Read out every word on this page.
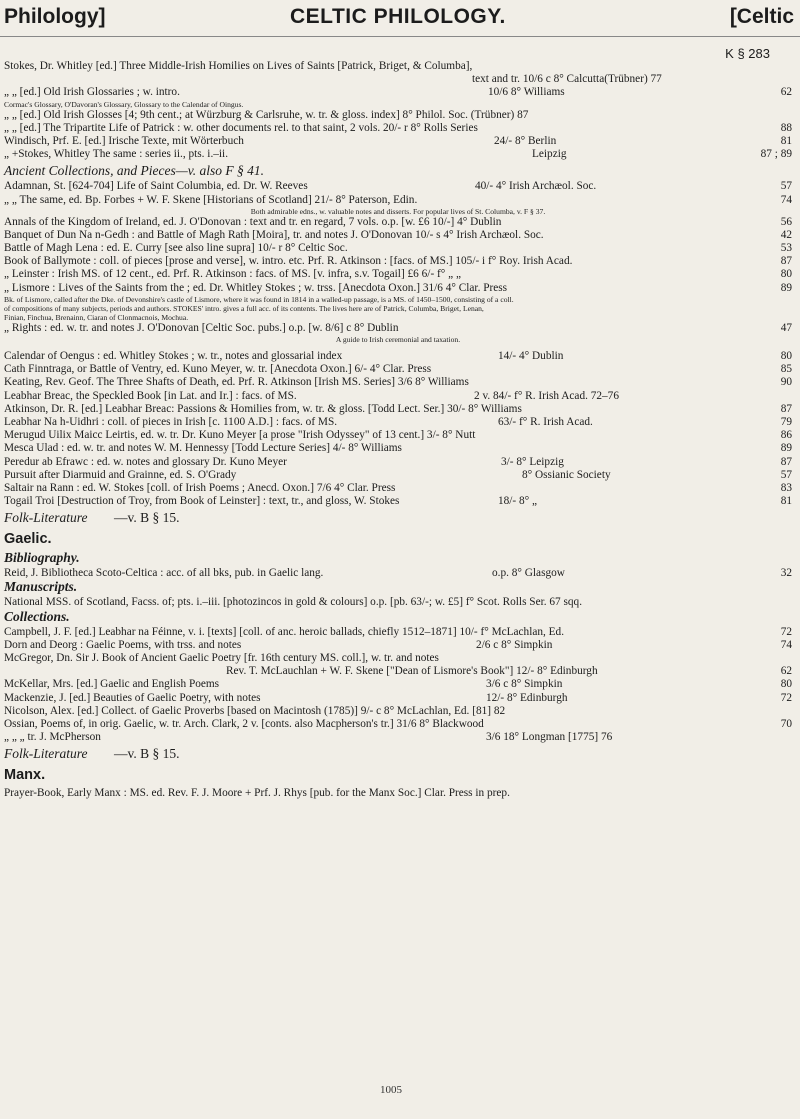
Philology]	CELTIC PHILOLOGY.	[Celtic
K § 283
Stokes, Dr. Whitley [ed.] Three Middle-Irish Homilies on Lives of Saints [Patrick, Briget, & Columba],
text and tr. 10/6 c 8° Calcutta(Trübner) 77
„ „ [ed.] Old Irish Glossaries ; w. intro.	10/6 8° Williams	62
Cormac's Glossary, O'Davoran's Glossary, Glossary to the Calendar of Oingus.
„ „ [ed.] Old Irish Glosses [4; 9th cent.; at Würzburg & Carlsruhe, w. tr. & gloss. index] 8° Philol. Soc. (Trübner) 87
„ „ [ed.] The Tripartite Life of Patrick : w. other documents rel. to that saint, 2 vols. 20/- r 8° Rolls Series	88
Windisch, Prf. E. [ed.] Irische Texte, mit Wörterbuch	24/- 8° Berlin	81
„ +Stokes, Whitley The same : series ii., pts. i.–ii.	Leipzig	87 ; 89
Ancient Collections, and Pieces—v. also F § 41.
Adamnan, St. [624-704] Life of Saint Columbia, ed. Dr. W. Reeves	40/- 4° Irish Archæol. Soc.	57
„ „ The same, ed. Bp. Forbes + W. F. Skene [Historians of Scotland] 21/- 8° Paterson, Edin.	74
Both admirable edns., w. valuable notes and disserts. For popular lives of St. Columba, v. F § 37.
Annals of the Kingdom of Ireland, ed. J. O'Donovan : text and tr. en regard, 7 vols. o.p. [w. £6 10/-] 4° Dublin	56
Banquet of Dun Na n-Gedh : and Battle of Magh Rath [Moira], tr. and notes J. O'Donovan 10/- s 4° Irish Archæol. Soc.	42
Battle of Magh Lena : ed. E. Curry [see also line supra] 10/- r 8° Celtic Soc.	53
Book of Ballymote : coll. of pieces [prose and verse], w. intro. etc. Prf. R. Atkinson : [facs. of MS.] 105/- i f° Roy. Irish Acad.	87
„ Leinster : Irish MS. of 12 cent., ed. Prf. R. Atkinson : facs. of MS. [v. infra, s.v. Togail] £6 6/- f° „ „	80
„ Lismore : Lives of the Saints from the ; ed. Dr. Whitley Stokes ; w. trss. [Anecdota Oxon.] 31/6 4° Clar. Press	89
Bk. of Lismore, called after the Dke. of Devonshire's castle of Lismore, where it was found in 1814 in a walled-up passage, is a MS. of 1450–1500, consisting of a coll.
of compositions of many subjects, periods and authors. STOKES' intro. gives a full acc. of its contents. The lives here are of Patrick, Columba, Briget, Lenan,
Finian, Finchua, Brenainn, Ciaran of Clonmacnois, Mochua.
„ Rights : ed. w. tr. and notes J. O'Donovan [Celtic Soc. pubs.] o.p. [w. 8/6] c 8° Dublin	47
A guide to Irish ceremonial and taxation.
Calendar of Oengus : ed. Whitley Stokes ; w. tr., notes and glossarial index	14/- 4° Dublin	80
Cath Finntraga, or Battle of Ventry, ed. Kuno Meyer, w. tr. [Anecdota Oxon.] 6/- 4° Clar. Press	85
Keating, Rev. Geof. The Three Shafts of Death, ed. Prf. R. Atkinson [Irish MS. Series] 3/6 8° Williams	90
Leabhar Breac, the Speckled Book [in Lat. and Ir.] : facs. of MS.	2 v. 84/- f° R. Irish Acad. 72–76
Atkinson, Dr. R. [ed.] Leabhar Breac: Passions & Homilies from, w. tr. & gloss. [Todd Lect. Ser.] 30/- 8° Williams	87
Leabhar Na h-Uidhri : coll. of pieces in Irish [c. 1100 A.D.] : facs. of MS.	63/- f° R. Irish Acad.	79
Merugud Uilix Maicc Leirtis, ed. w. tr. Dr. Kuno Meyer [a prose "Irish Odyssey" of 13 cent.] 3/- 8° Nutt	86
Mesca Ulad : ed. w. tr. and notes W. M. Hennessy [Todd Lecture Series] 4/- 8° Williams	89
Peredur ab Efrawc : ed. w. notes and glossary Dr. Kuno Meyer	3/- 8° Leipzig	87
Pursuit after Diarmuid and Grainne, ed. S. O'Grady	8° Ossianic Society	57
Saltair na Rann : ed. W. Stokes [coll. of Irish Poems ; Anecd. Oxon.] 7/6 4° Clar. Press	83
Togail Troi [Destruction of Troy, from Book of Leinster] : text, tr., and gloss, W. Stokes	18/- 8° „	81
Folk-Literature —v. B § 15.
Gaelic.
Bibliography.
Reid, J. Bibliotheca Scoto-Celtica : acc. of all bks, pub. in Gaelic lang.	o.p. 8° Glasgow	32
Manuscripts.
National MSS. of Scotland, Facss. of; pts. i.–iii. [photozincos in gold & colours] o.p. [pb. 63/-; w. £5] f° Scot. Rolls Ser. 67 sqq.
Collections.
Campbell, J. F. [ed.] Leabhar na Féinne, v. i. [texts] [coll. of anc. heroic ballads, chiefly 1512–1871] 10/- f° McLachlan, Ed.	72
Dorn and Deorg : Gaelic Poems, with trss. and notes	2/6 c 8° Simpkin	74
McGregor, Dn. Sir J. Book of Ancient Gaelic Poetry [fr. 16th century MS. coll.], w. tr. and notes
Rev. T. McLauchlan + W. F. Skene ["Dean of Lismore's Book"] 12/- 8° Edinburgh	62
McKellar, Mrs. [ed.] Gaelic and English Poems	3/6 c 8° Simpkin	80
Mackenzie, J. [ed.] Beauties of Gaelic Poetry, with notes	12/- 8° Edinburgh	72
Nicolson, Alex. [ed.] Collect. of Gaelic Proverbs [based on Macintosh (1785)] 9/- c 8° McLachlan, Ed. [81] 82
Ossian, Poems of, in orig. Gaelic, w. tr. Arch. Clark, 2 v. [conts. also Macpherson's tr.] 31/6 8° Blackwood	70
„ „ „ tr. J. McPherson	3/6 18° Longman [1775] 76
Folk-Literature —v. B § 15.
Manx.
Prayer-Book, Early Manx : MS. ed. Rev. F. J. Moore + Prf. J. Rhys [pub. for the Manx Soc.] Clar. Press in prep.
1005
